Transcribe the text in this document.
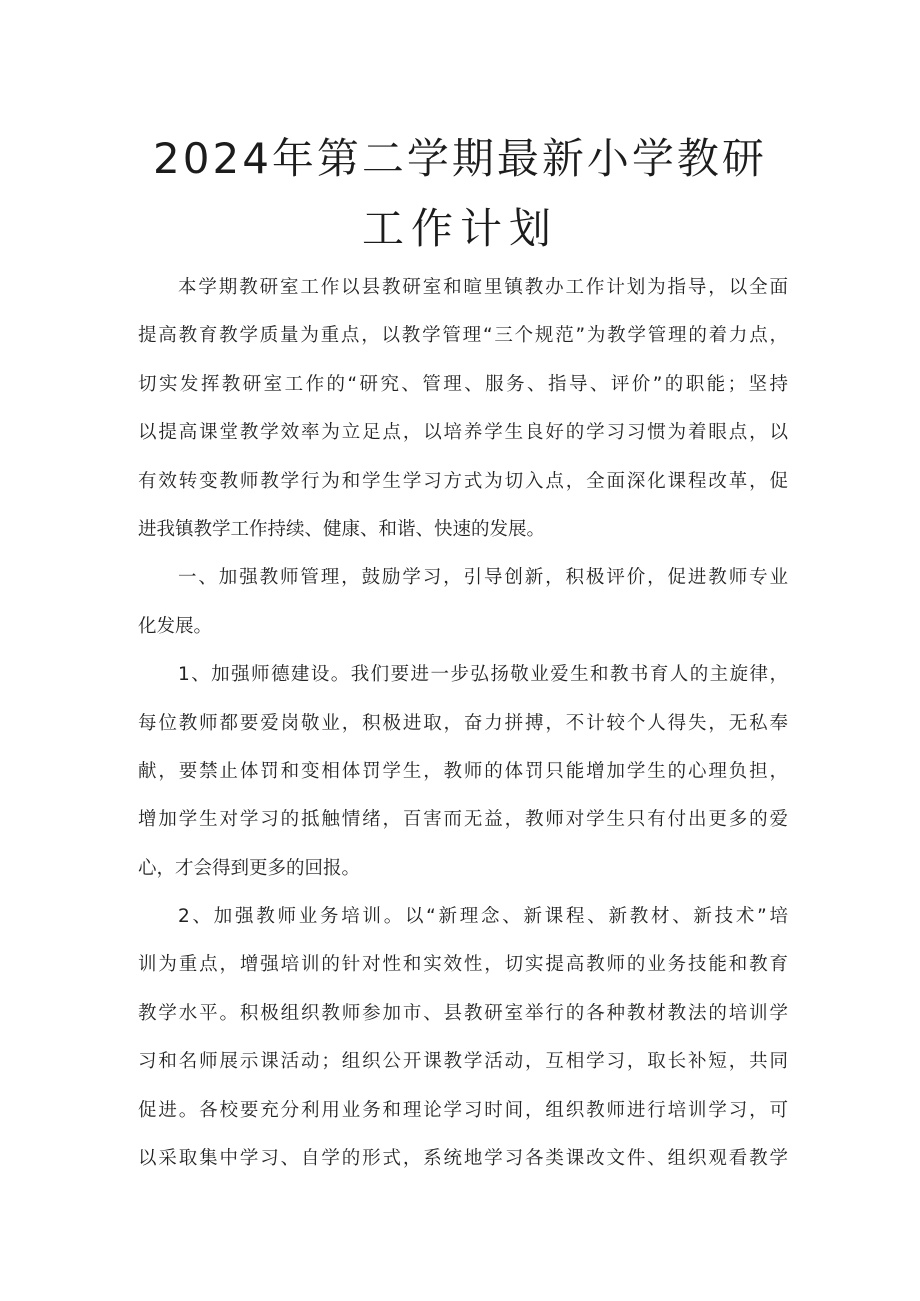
2024年第二学期最新小学教研
工作计划
本学期教研室工作以县教研室和暄里镇教办工作计划为指导，以全面
提高教育教学质量为重点，以教学管理“三个规范”为教学管理的着力点，
切实发挥教研室工作的“研究、管理、服务、指导、评价”的职能；坚持
以提高课堂教学效率为立足点，以培养学生良好的学习习惯为着眼点，以
有效转变教师教学行为和学生学习方式为切入点，全面深化课程改革，促
进我镇教学工作持续、健康、和谐、快速的发展。
一、加强教师管理，鼓励学习，引导创新，积极评价，促进教师专业
化发展。
1、加强师德建设。我们要进一步弘扬敬业爱生和教书育人的主旋律，
每位教师都要爱岗敬业，积极进取，奋力拼搏，不计较个人得失，无私奉
献，要禁止体罚和变相体罚学生，教师的体罚只能增加学生的心理负担，
增加学生对学习的抵触情绪，百害而无益，教师对学生只有付出更多的爱
心，才会得到更多的回报。
2、加强教师业务培训。以“新理念、新课程、新教材、新技术”培
训为重点，增强培训的针对性和实效性，切实提高教师的业务技能和教育
教学水平。积极组织教师参加市、县教研室举行的各种教材教法的培训学
习和名师展示课活动；组织公开课教学活动，互相学习，取长补短，共同
促进。各校要充分利用业务和理论学习时间，组织教师进行培训学习，可
以采取集中学习、自学的形式，系统地学习各类课改文件、组织观看教学
